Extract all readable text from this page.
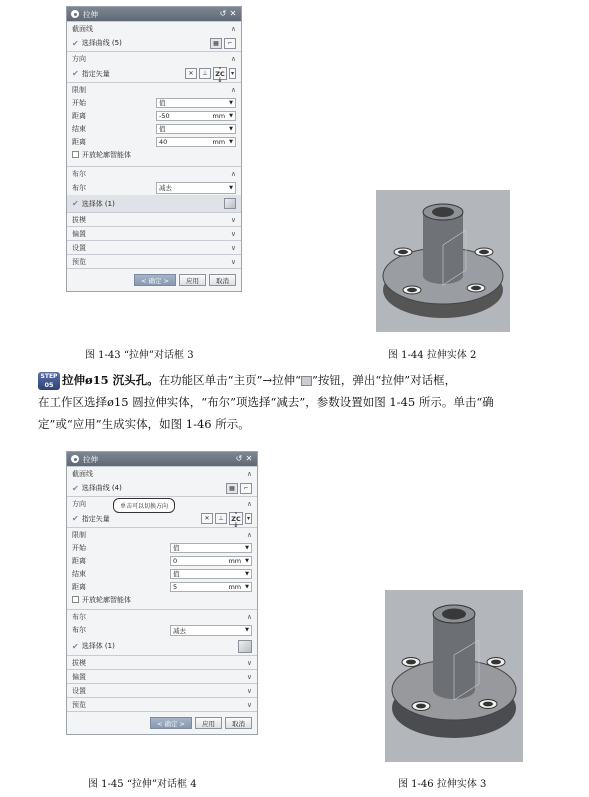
拉伸	↺ ✕
截面线	∧
✔ 选择曲线 (5)	▦	⌐
方向	∧
✔ 指定矢量	✕	⊥
-ZC
↓
▾
限制	∧
开始	值	▼
距离	-50	mm ▼
结束	值	▼
距离	40	mm ▼
开放轮廓智能体
布尔	∧
布尔	减去	▼
✔ 选择体 (1)
拔模	∨
偏置	∨
设置	∨
预览	∨
< 确定 >	应用	取消
图 1-43 “拉伸”对话框 3	图 1-44 拉伸实体 2
STEP
05 拉伸ø15 沉头孔。在功能区单击“主页”→拉伸“ ”按钮，弹出“拉伸”对话框，
在工作区选择ø15 圆拉伸实体，“布尔”项选择“减去”，参数设置如图 1-45 所示。单击“确
定”或“应用”生成实体，如图 1-46 所示。
拉伸	↺ ✕
截面线	∧
✔ 选择曲线 (4)	▦	⌐
方向	∧
单击可以切换方向
✔ 指定矢量	✕	⊥
-ZC
↓
▾
限制	∧
开始	值	▼
距离	0	mm ▼
结束	值	▼
距离	5	mm ▼
开放轮廓智能体
布尔	∧
布尔	减去	▼
✔ 选择体 (1)
拔模	∨
偏置	∨
设置	∨
预览	∨
< 确定 >	应用	取消
图 1-45 “拉伸”对话框 4	图 1-46 拉伸实体 3
